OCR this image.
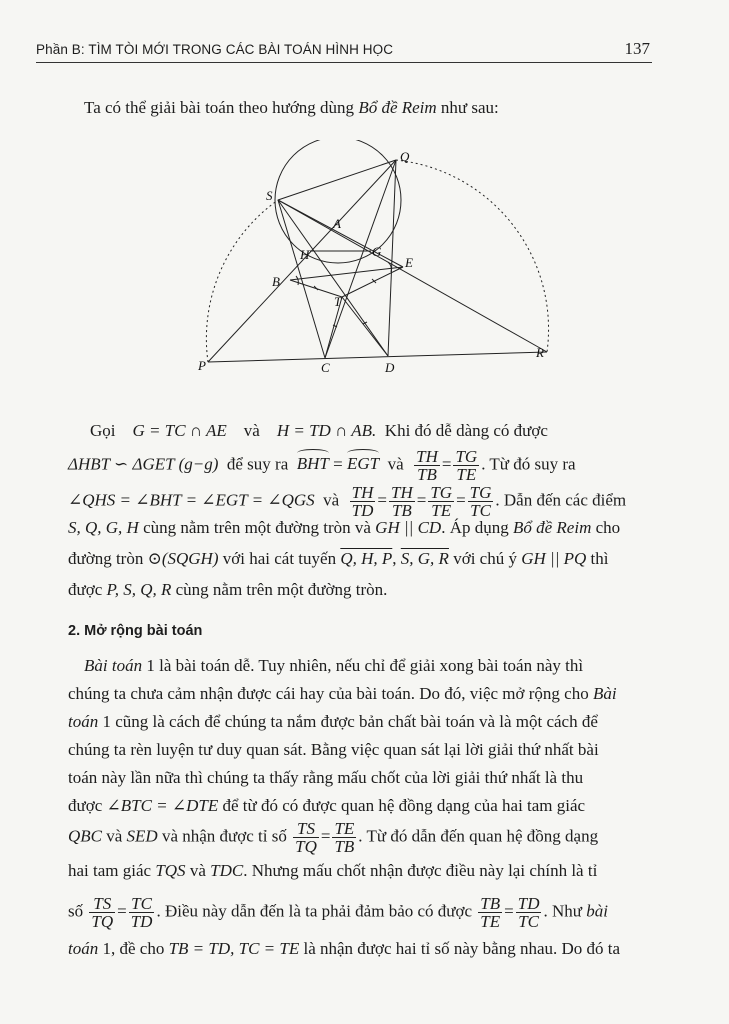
Phần B: TÌM TÒI MỚI TRONG CÁC BÀI TOÁN HÌNH HỌC	137

Ta có thể giải bài toán theo hướng dùng Bổ đề Reim như sau:

Q
S
A
H	G
E
B
T
P	C	D
R

Gọi G = TC ∩ AE và H = TD ∩ AB. Khi đó dễ dàng có được

ΔHBT ∽ ΔGET (g−g) để suy ra BHT = EGT và $\frac{TH}{TB} = \frac{TG}{TE}$ . Từ đó suy ra

∠QHS = ∠BHT = ∠EGT = ∠QGS và $\frac{TH}{TD} = \frac{TH}{TB} = \frac{TG}{TE} = \frac{TG}{TC}$ . Dẫn đến các điểm

S, Q, G, H cùng nằm trên một đường tròn và GH || CD. Áp dụng Bổ đề Reim cho

đường tròn ⊙(SQGH) với hai cát tuyến Q, H, P, S, G, R với chú ý GH || PQ thì

được P, S, Q, R cùng nằm trên một đường tròn.

2. Mở rộng bài toán

Bài toán 1 là bài toán dễ. Tuy nhiên, nếu chỉ để giải xong bài toán này thì

chúng ta chưa cảm nhận được cái hay của bài toán. Do đó, việc mở rộng cho Bài

toán 1 cũng là cách để chúng ta nắm được bản chất bài toán và là một cách để

chúng ta rèn luyện tư duy quan sát. Bằng việc quan sát lại lời giải thứ nhất bài

toán này lần nữa thì chúng ta thấy rằng mấu chốt của lời giải thứ nhất là thu

được ∠BTC = ∠DTE để từ đó có được quan hệ đồng dạng của hai tam giác

QBC và SED và nhận được tỉ số $\frac{TS}{TQ} = \frac{TE}{TB}$ . Từ đó dẫn đến quan hệ đồng dạng

hai tam giác TQS và TDC. Nhưng mấu chốt nhận được điều này lại chính là tỉ

số $\frac{TS}{TQ} = \frac{TC}{TD}$ . Điều này dẫn đến là ta phải đảm bảo có được $\frac{TB}{TE} = \frac{TD}{TC}$ . Như bài

toán 1, đề cho TB = TD, TC = TE là nhận được hai tỉ số này bằng nhau. Do đó ta
